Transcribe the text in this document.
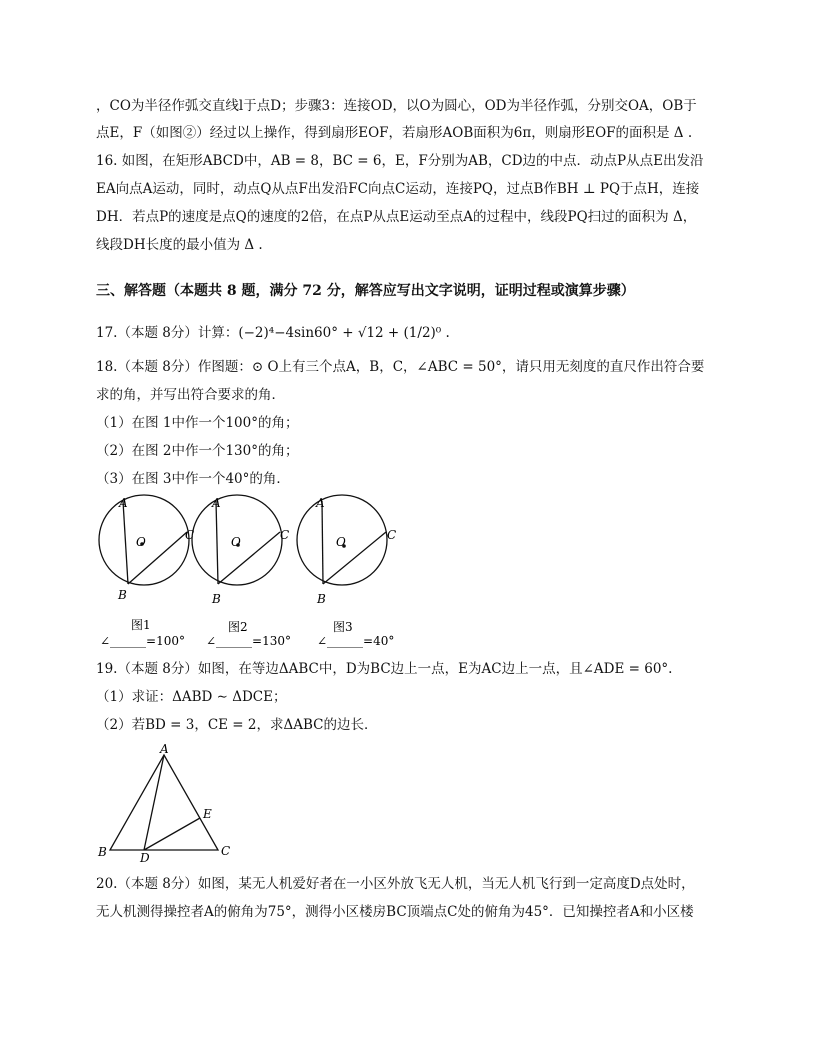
，CO为半径作弧交直线l于点D；步骤3：连接OD，以O为圆心，OD为半径作弧，分别交OA，OB于
点E，F（如图②）经过以上操作，得到扇形EOF，若扇形AOB面积为6π，则扇形EOF的面积是 Δ .
16. 如图，在矩形ABCD中，AB = 8，BC = 6，E，F分别为AB，CD边的中点．动点P从点E出发沿
EA向点A运动，同时，动点Q从点F出发沿FC向点C运动，连接PQ，过点B作BH ⊥ PQ于点H，连接
DH．若点P的速度是点Q的速度的2倍，在点P从点E运动至点A的过程中，线段PQ扫过的面积为 Δ，
线段DH长度的最小值为 Δ .
三、解答题（本题共 8 题，满分 72 分，解答应写出文字说明，证明过程或演算步骤）
17.（本题 8分）计算：(−2)⁴−4sin60° + √12 + (1/2)⁰ .
18.（本题 8分）作图题：⊙ O上有三个点A，B，C，∠ABC = 50°，请只用无刻度的直尺作出符合要
求的角，并写出符合要求的角．
（1）在图 1中作一个100°的角；
（2）在图 2中作一个130°的角；
（3）在图 3中作一个40°的角．
A
B
C
O
图1
∠______=100°
A
B
C
O
图2
∠______=130°
A
B
C
O
图3
∠______=40°
19.（本题 8分）如图，在等边ΔABC中，D为BC边上一点，E为AC边上一点，且∠ADE = 60°.
（1）求证：ΔABD ∼ ΔDCE；
（2）若BD = 3，CE = 2，求ΔABC的边长．
A
B	C
D
E
20.（本题 8分）如图，某无人机爱好者在一小区外放飞无人机，当无人机飞行到一定高度D点处时，
无人机测得操控者A的俯角为75°，测得小区楼房BC顶端点C处的俯角为45°．已知操控者A和小区楼
